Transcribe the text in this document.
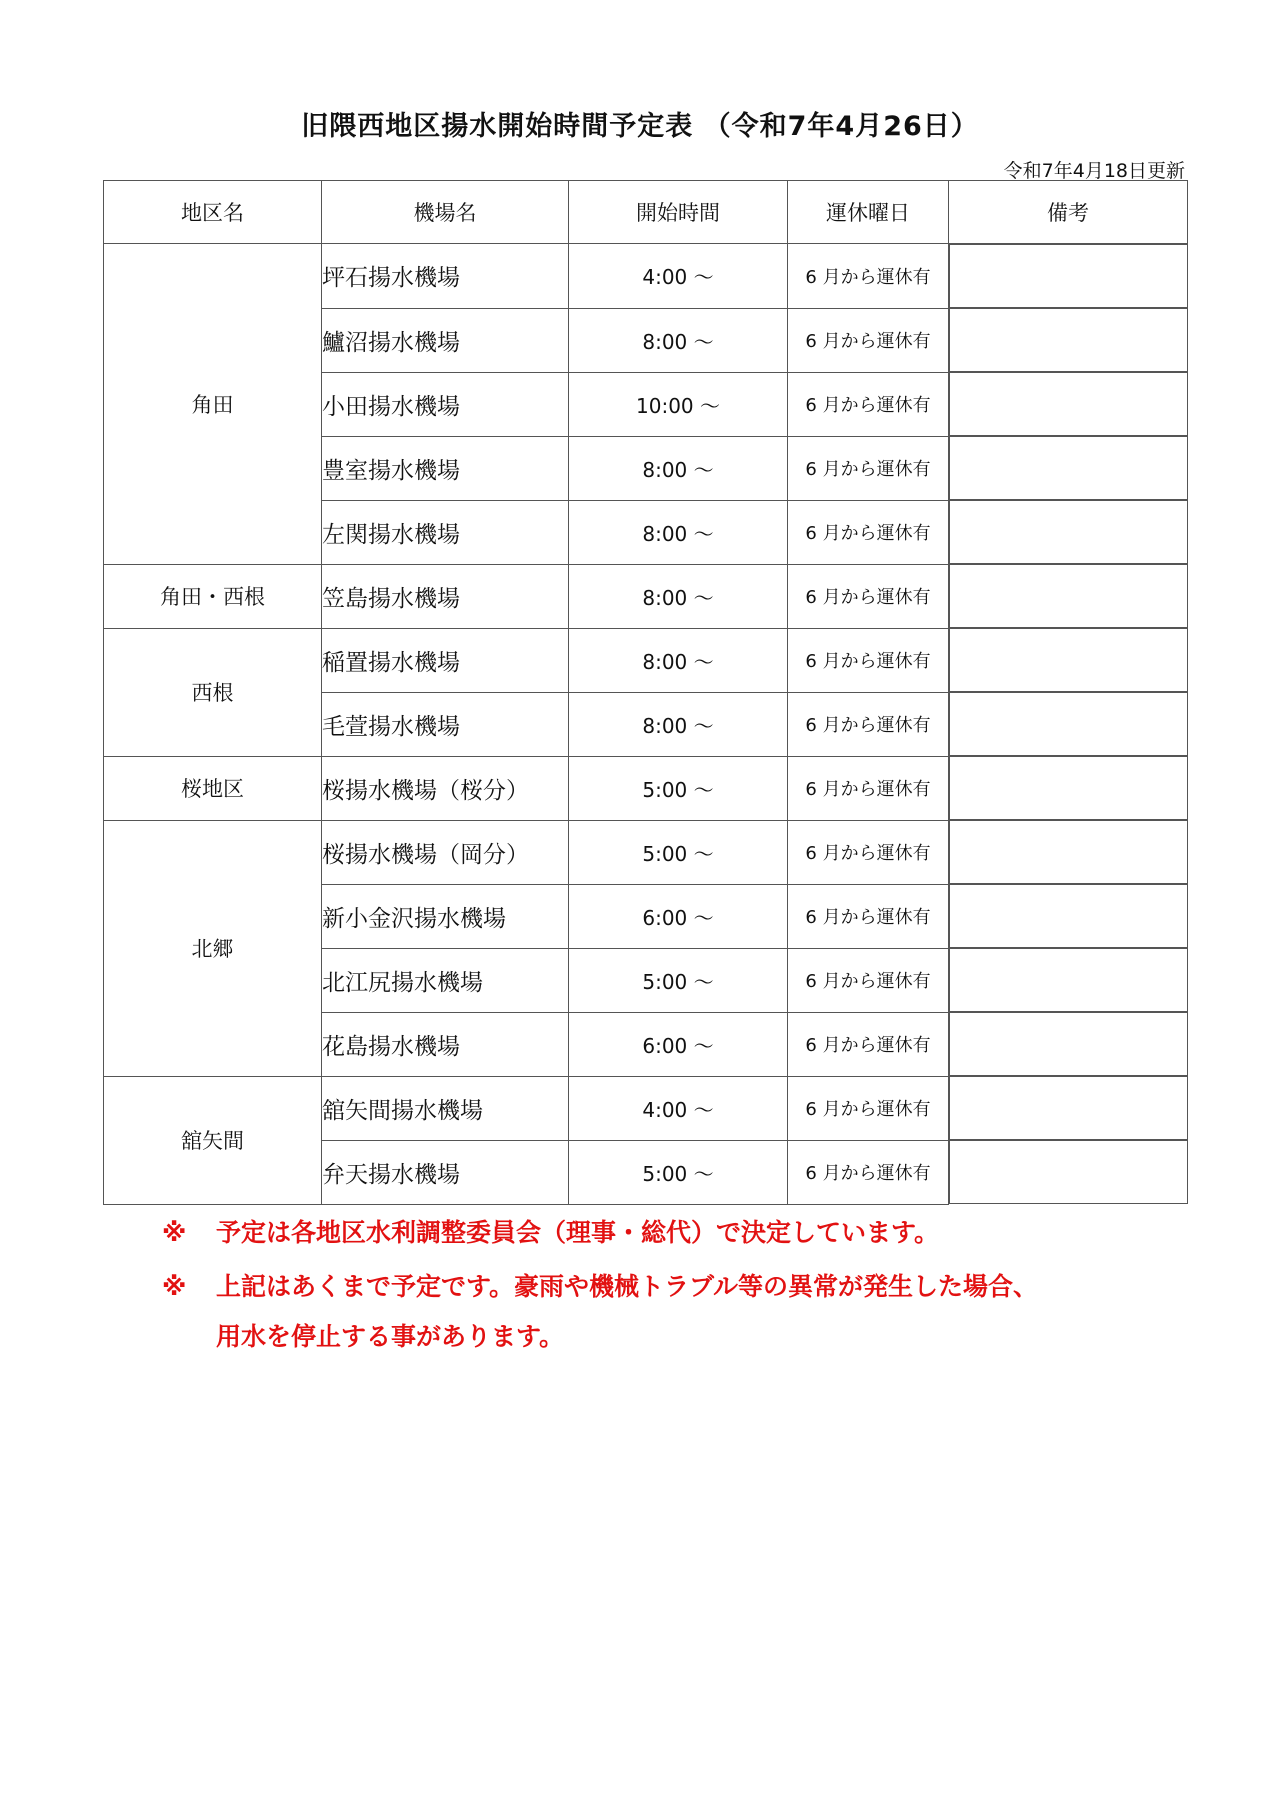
旧隈西地区揚水開始時間予定表 （令和7年4月26日）
令和7年4月18日更新
地区名	機場名	開始時間	運休曜日	備考
角田	坪石揚水機場	4:00 ～	6 月から運休有	

	鱸沼揚水機場	8:00 ～	6 月から運休有	

	小田揚水機場	10:00 ～	6 月から運休有	

	豊室揚水機場	8:00 ～	6 月から運休有	

	左関揚水機場	8:00 ～	6 月から運休有	

角田・西根	笠島揚水機場	8:00 ～	6 月から運休有	

西根	稲置揚水機場	8:00 ～	6 月から運休有	

	毛萱揚水機場	8:00 ～	6 月から運休有	

桜地区	桜揚水機場（桜分）	5:00 ～	6 月から運休有	

北郷	桜揚水機場（岡分）	5:00 ～	6 月から運休有	

	新小金沢揚水機場	6:00 ～	6 月から運休有	

	北江尻揚水機場	5:00 ～	6 月から運休有	

	花島揚水機場	6:00 ～	6 月から運休有	

舘矢間	舘矢間揚水機場	4:00 ～	6 月から運休有	

	弁天揚水機場	5:00 ～	6 月から運休有	
※	予定は各地区水利調整委員会（理事・総代）で決定しています。
※	上記はあくまで予定です。豪雨や機械トラブル等の異常が発生した場合、
用水を停止する事があります。
